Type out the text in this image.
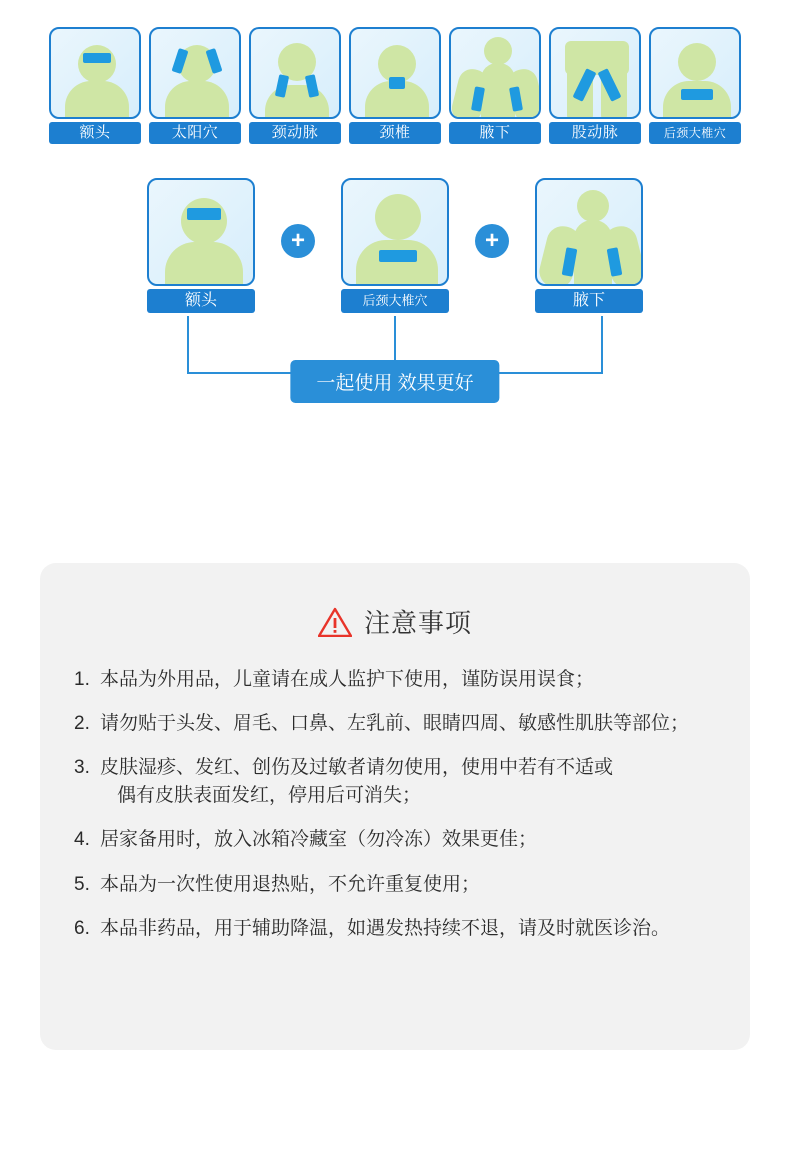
额头	太阳穴	颈动脉	颈椎	腋下	股动脉	后颈大椎穴
额头
+
后颈大椎穴
+
腋下
一起使用 效果更好
注意事项
1. 本品为外用品，儿童请在成人监护下使用，谨防误用误食；
2. 请勿贴于头发、眉毛、口鼻、左乳前、眼睛四周、敏感性肌肤等部位；
3. 皮肤湿疹、发红、创伤及过敏者请勿使用，使用中若有不适或
偶有皮肤表面发红，停用后可消失；
4. 居家备用时，放入冰箱冷藏室（勿冷冻）效果更佳；
5. 本品为一次性使用退热贴，不允许重复使用；
6. 本品非药品，用于辅助降温，如遇发热持续不退，请及时就医诊治。
